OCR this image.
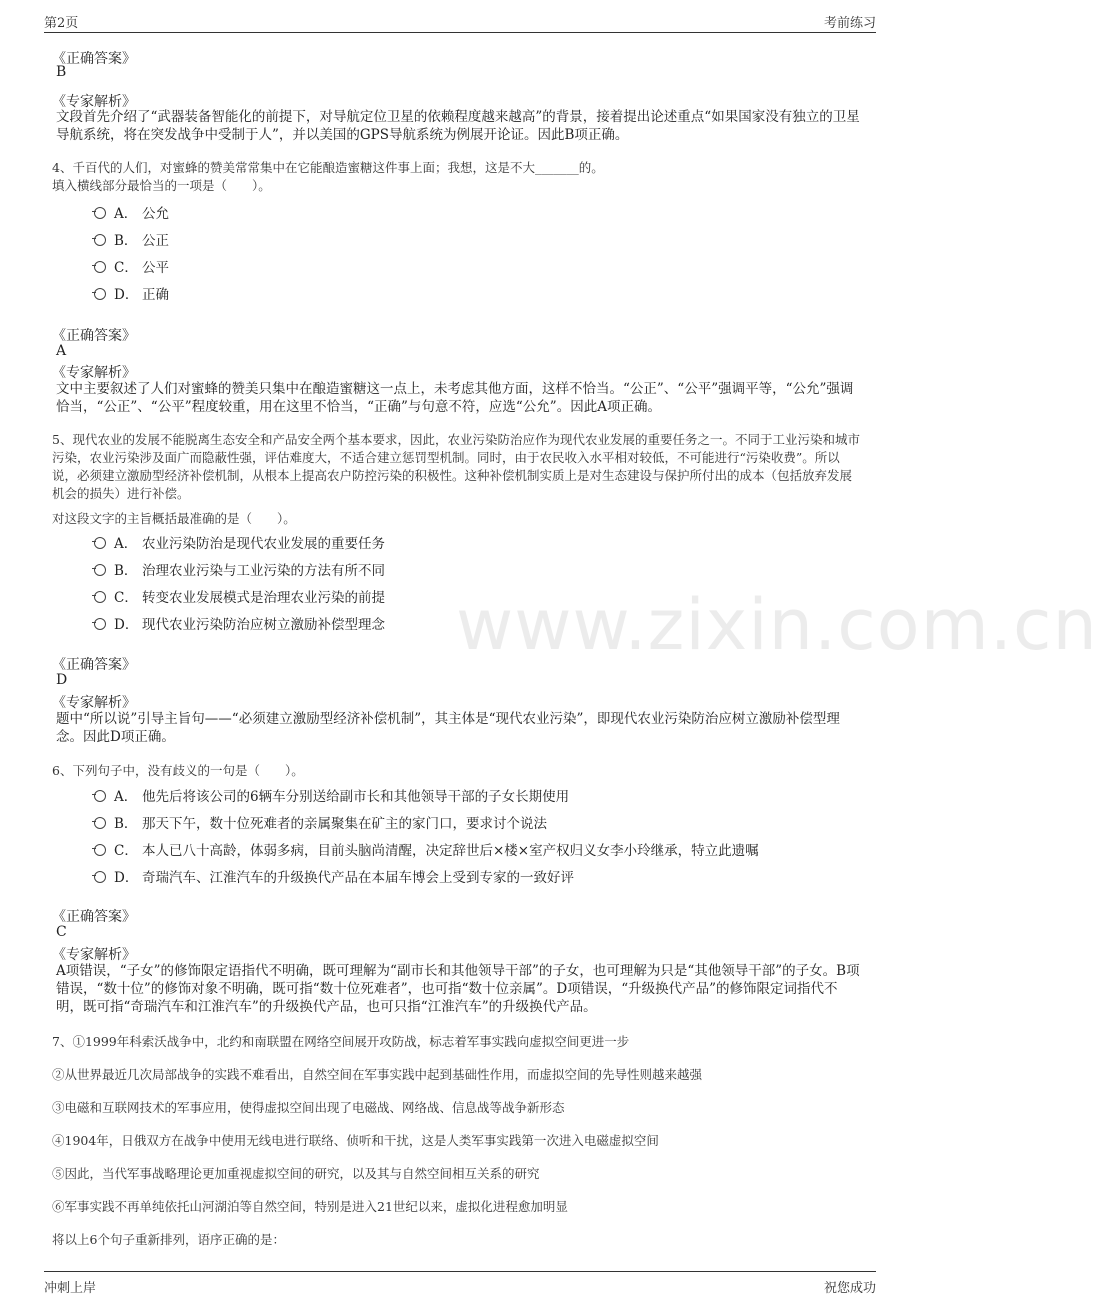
第2页	考前练习
www.zixin.com.cn
《正确答案》
B
《专家解析》
文段首先介绍了“武器装备智能化的前提下，对导航定位卫星的依赖程度越来越高”的背景，接着提出论述重点“如果国家没有独立的卫星导航系统，将在突发战争中受制于人”，并以美国的GPS导航系统为例展开论证。因此B项正确。
4、千百代的人们，对蜜蜂的赞美常常集中在它能酿造蜜糖这件事上面；我想，这是不大_______的。
填入横线部分最恰当的一项是（　　）。
A． 公允
B． 公正
C． 公平
D． 正确
《正确答案》
A
《专家解析》
文中主要叙述了人们对蜜蜂的赞美只集中在酿造蜜糖这一点上，未考虑其他方面，这样不恰当。“公正”、“公平”强调平等，“公允”强调恰当，“公正”、“公平”程度较重，用在这里不恰当，“正确”与句意不符，应选“公允”。因此A项正确。
5、现代农业的发展不能脱离生态安全和产品安全两个基本要求，因此，农业污染防治应作为现代农业发展的重要任务之一。不同于工业污染和城市污染，农业污染涉及面广而隐蔽性强，评估难度大，不适合建立惩罚型机制。同时，由于农民收入水平相对较低，不可能进行“污染收费”。所以说，必须建立激励型经济补偿机制，从根本上提高农户防控污染的积极性。这种补偿机制实质上是对生态建设与保护所付出的成本（包括放弃发展机会的损失）进行补偿。
对这段文字的主旨概括最准确的是（　　）。
A． 农业污染防治是现代农业发展的重要任务
B． 治理农业污染与工业污染的方法有所不同
C． 转变农业发展模式是治理农业污染的前提
D． 现代农业污染防治应树立激励补偿型理念
《正确答案》
D
《专家解析》
题中“所以说”引导主旨句——“必须建立激励型经济补偿机制”，其主体是“现代农业污染”，即现代农业污染防治应树立激励补偿型理念。因此D项正确。
6、下列句子中，没有歧义的一句是（　　）。
A． 他先后将该公司的6辆车分别送给副市长和其他领导干部的子女长期使用
B． 那天下午，数十位死难者的亲属聚集在矿主的家门口，要求讨个说法
C． 本人已八十高龄，体弱多病，目前头脑尚清醒，决定辞世后×楼×室产权归义女李小玲继承，特立此遗嘱
D． 奇瑞汽车、江淮汽车的升级换代产品在本届车博会上受到专家的一致好评
《正确答案》
C
《专家解析》
A项错误，“子女”的修饰限定语指代不明确，既可理解为“副市长和其他领导干部”的子女，也可理解为只是“其他领导干部”的子女。B项错误，“数十位”的修饰对象不明确，既可指“数十位死难者”，也可指“数十位亲属”。D项错误，“升级换代产品”的修饰限定词指代不明，既可指“奇瑞汽车和江淮汽车”的升级换代产品，也可只指“江淮汽车”的升级换代产品。
7、①1999年科索沃战争中，北约和南联盟在网络空间展开攻防战，标志着军事实践向虚拟空间更进一步
②从世界最近几次局部战争的实践不难看出，自然空间在军事实践中起到基础性作用，而虚拟空间的先导性则越来越强
③电磁和互联网技术的军事应用，使得虚拟空间出现了电磁战、网络战、信息战等战争新形态
④1904年，日俄双方在战争中使用无线电进行联络、侦听和干扰，这是人类军事实践第一次进入电磁虚拟空间
⑤因此，当代军事战略理论更加重视虚拟空间的研究，以及其与自然空间相互关系的研究
⑥军事实践不再单纯依托山河湖泊等自然空间，特别是进入21世纪以来，虚拟化进程愈加明显
将以上6个句子重新排列，语序正确的是：
冲刺上岸	祝您成功
